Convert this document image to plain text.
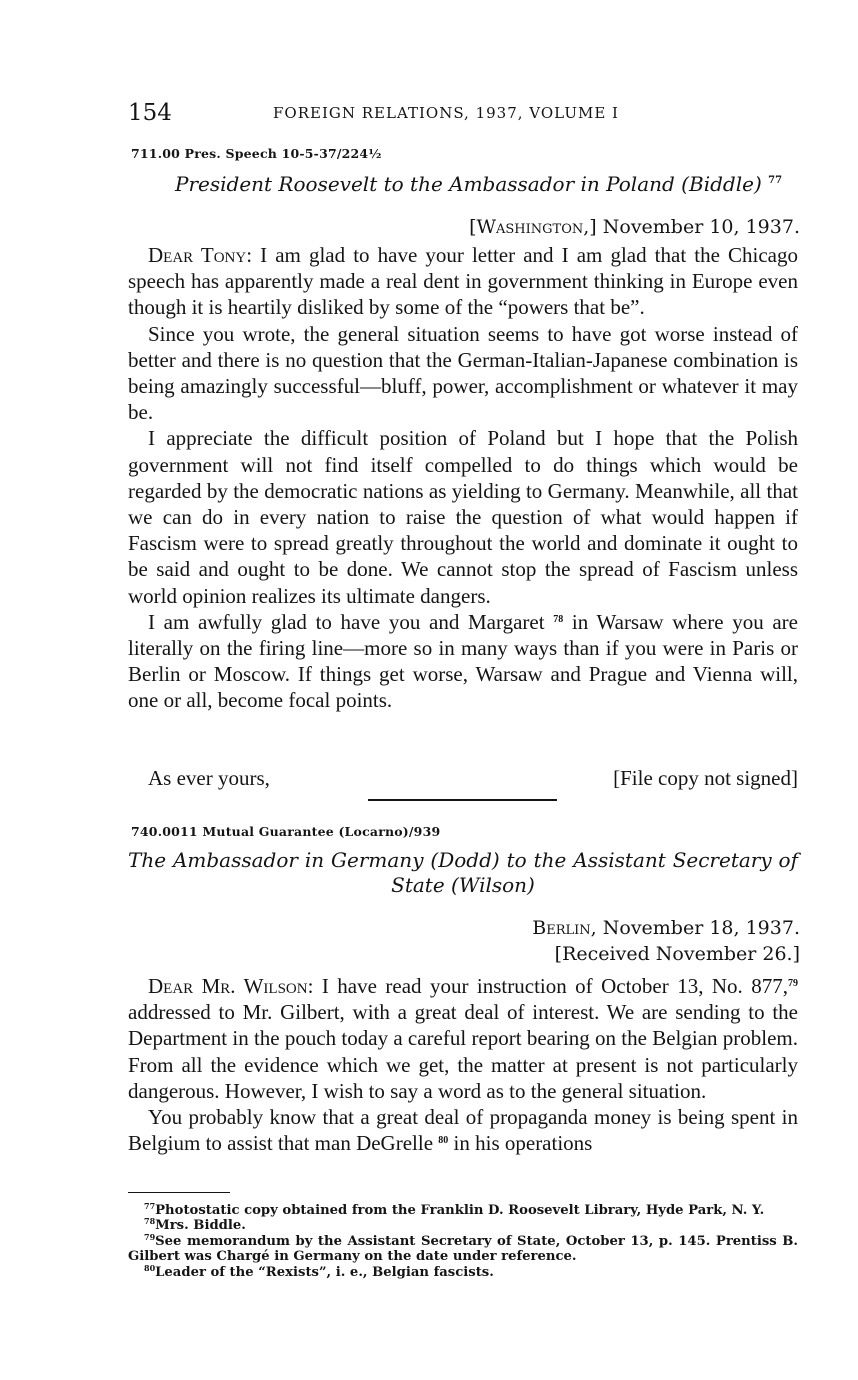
154	FOREIGN RELATIONS, 1937, VOLUME I
711.00 Pres. Speech 10-5-37/224½
President Roosevelt to the Ambassador in Poland (Biddle) $^{77}$
[Washington,] November 10, 1937.

Dear Tony: I am glad to have your letter and I am glad that the Chicago speech has apparently made a real dent in government thinking in Europe even though it is heartily disliked by some of the “powers that be”.

Since you wrote, the general situation seems to have got worse instead of better and there is no question that the German-Italian-Japanese combination is being amazingly successful—bluff, power, accomplishment or whatever it may be.

I appreciate the difficult position of Poland but I hope that the Polish government will not find itself compelled to do things which would be regarded by the democratic nations as yielding to Germany. Meanwhile, all that we can do in every nation to raise the question of what would happen if Fascism were to spread greatly throughout the world and dominate it ought to be said and ought to be done. We cannot stop the spread of Fascism unless world opinion realizes its ultimate dangers.

I am awfully glad to have you and Margaret $^{78}$ in Warsaw where you are literally on the firing line—more so in many ways than if you were in Paris or Berlin or Moscow. If things get worse, Warsaw and Prague and Vienna will, one or all, become focal points.

As ever yours,	[File copy not signed]
740.0011 Mutual Guarantee (Locarno)/939
The Ambassador in Germany (Dodd) to the Assistant Secretary of State (Wilson)
Berlin, November 18, 1937.
[Received November 26.]

Dear Mr. Wilson: I have read your instruction of October 13, No. 877,79 addressed to Mr. Gilbert, with a great deal of interest. We are sending to the Department in the pouch today a careful report bearing on the Belgian problem. From all the evidence which we get, the matter at present is not particularly dangerous. However, I wish to say a word as to the general situation.

You probably know that a great deal of propaganda money is being spent in Belgium to assist that man DeGrelle $^{80}$ in his operations

$^{77}$Photostatic copy obtained from the Franklin D. Roosevelt Library, Hyde Park, N. Y.

$^{78}$Mrs. Biddle.

$^{79}$See memorandum by the Assistant Secretary of State, October 13, p. 145. Prentiss B. Gilbert was Chargé in Germany on the date under reference.

$^{80}$Leader of the “Rexists”, i. e., Belgian fascists.
